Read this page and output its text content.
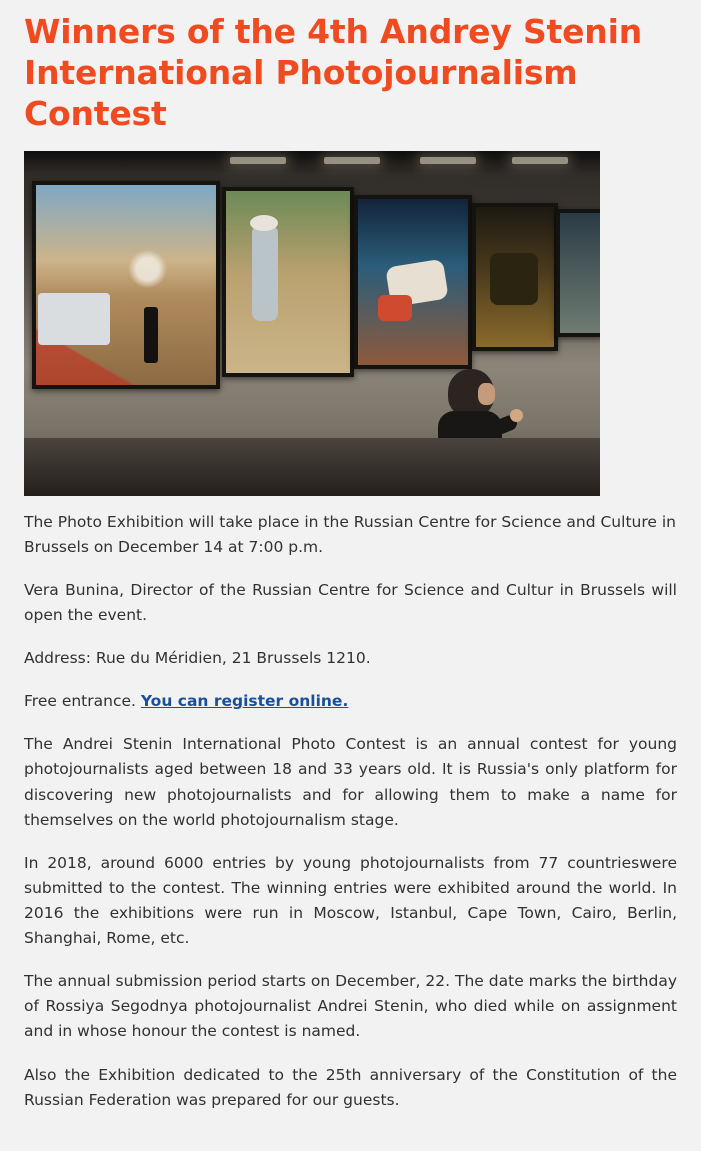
Winners of the 4th Andrey Stenin International Photojournalism Contest

The Photo Exhibition will take place in the Russian Centre for Science and Culture in Brussels on December 14 at 7:00 p.m.

Vera Bunina, Director of the Russian Centre for Science and Cultur in Brussels will open the event.

Address: Rue du Méridien, 21 Brussels 1210.

Free entrance. You can register online.

The Andrei Stenin International Photo Contest is an annual contest for young photojournalists aged between 18 and 33 years old. It is Russia's only platform for discovering new photojournalists and for allowing them to make a name for themselves on the world photojournalism stage.

In 2018, around 6000 entries by young photojournalists from 77 countrieswere submitted to the contest. The winning entries were exhibited around the world. In 2016 the exhibitions were run in Moscow, Istanbul, Cape Town, Cairo, Berlin, Shanghai, Rome, etc.

The annual submission period starts on December, 22. The date marks the birthday of Rossiya Segodnya photojournalist Andrei Stenin, who died while on assignment and in whose honour the contest is named.

Also the Exhibition dedicated to the 25th anniversary of the Constitution of the Russian Federation was prepared for our guests.
